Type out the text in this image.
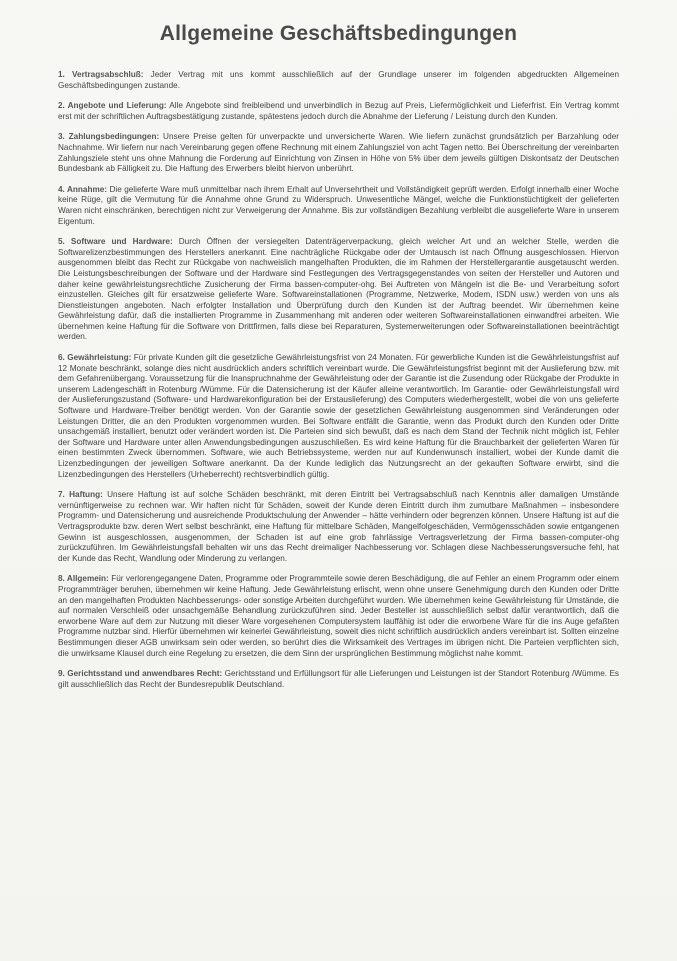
Allgemeine Geschäftsbedingungen

1. Vertragsabschluß: Jeder Vertrag mit uns kommt ausschließlich auf der Grundlage unserer im folgenden abgedruckten Allgemeinen Geschäftsbedingungen zustande.

2. Angebote und Lieferung: Alle Angebote sind freibleibend und unverbindlich in Bezug auf Preis, Liefermöglichkeit und Lieferfrist. Ein Vertrag kommt erst mit der schriftlichen Auftragsbestätigung zustande, spätestens jedoch durch die Abnahme der Lieferung / Leistung durch den Kunden.

3. Zahlungsbedingungen: Unsere Preise gelten für unverpackte und unversicherte Waren. Wie liefern zunächst grundsätzlich per Barzahlung oder Nachnahme. Wir liefern nur nach Vereinbarung gegen offene Rechnung mit einem Zahlungsziel von acht Tagen netto. Bei Überschreitung der vereinbarten Zahlungsziele steht uns ohne Mahnung die Forderung auf Einrichtung von Zinsen in Höhe von 5% über dem jeweils gültigen Diskontsatz der Deutschen Bundesbank ab Fälligkeit zu. Die Haftung des Erwerbers bleibt hiervon unberührt.

4. Annahme: Die gelieferte Ware muß unmittelbar nach ihrem Erhalt auf Unversehrtheit und Vollständigkeit geprüft werden. Erfolgt innerhalb einer Woche keine Rüge, gilt die Vermutung für die Annahme ohne Grund zu Widerspruch. Unwesentliche Mängel, welche die Funktionstüchtigkeit der gelieferten Waren nicht einschränken, berechtigen nicht zur Verweigerung der Annahme. Bis zur vollständigen Bezahlung verbleibt die ausgelieferte Ware in unserem Eigentum.

5. Software und Hardware: Durch Öffnen der versiegelten Datenträgerverpackung, gleich welcher Art und an welcher Stelle, werden die Softwarelizenzbestimmungen des Herstellers anerkannt. Eine nachträgliche Rückgabe oder der Umtausch ist nach Öffnung ausgeschlossen. Hiervon ausgenommen bleibt das Recht zur Rückgabe von nachweislich mangelhaften Produkten, die im Rahmen der Herstellergarantie ausgetauscht werden. Die Leistungsbeschreibungen der Software und der Hardware sind Festlegungen des Vertragsgegenstandes von seiten der Hersteller und Autoren und daher keine gewährleistungsrechtliche Zusicherung der Firma bassen-computer-ohg. Bei Auftreten von Mängeln ist die Be- und Verarbeitung sofort einzustellen. Gleiches gilt für ersatzweise gelieferte Ware. Softwareinstallationen (Programme, Netzwerke, Modem, ISDN usw.) werden von uns als Dienstleistungen angeboten. Nach erfolgter Installation und Überprüfung durch den Kunden ist der Auftrag beendet. Wir übernehmen keine Gewährleistung dafür, daß die installierten Programme in Zusammenhang mit anderen oder weiteren Softwareinstallationen einwandfrei arbeiten. Wie übernehmen keine Haftung für die Software von Drittfirmen, falls diese bei Reparaturen, Systemerweiterungen oder Softwareinstallationen beeinträchtigt werden.

6. Gewährleistung: Für private Kunden gilt die gesetzliche Gewährleistungsfrist von 24 Monaten. Für gewerbliche Kunden ist die Gewährleistungsfrist auf 12 Monate beschränkt, solange dies nicht ausdrücklich anders schriftlich vereinbart wurde. Die Gewährleistungsfrist beginnt mit der Auslieferung bzw. mit dem Gefahrenübergang. Voraussetzung für die Inanspruchnahme der Gewährleistung oder der Garantie ist die Zusendung oder Rückgabe der Produkte in unserem Ladengeschäft in Rotenburg /Wümme. Für die Datensicherung ist der Käufer alleine verantwortlich. Im Garantie- oder Gewährleistungsfall wird der Auslieferungszustand (Software- und Hardwarekonfiguration bei der Erstauslieferung) des Computers wiederhergestellt, wobei die von uns gelieferte Software und Hardware-Treiber benötigt werden. Von der Garantie sowie der gesetzlichen Gewährleistung ausgenommen sind Veränderungen oder Leistungen Dritter, die an den Produkten vorgenommen wurden. Bei Software entfällt die Garantie, wenn das Produkt durch den Kunden oder Dritte unsachgemäß installiert, benutzt oder verändert worden ist. Die Parteien sind sich bewußt, daß es nach dem Stand der Technik nicht möglich ist, Fehler der Software und Hardware unter allen Anwendungsbedingungen auszuschließen. Es wird keine Haftung für die Brauchbarkeit der gelieferten Waren für einen bestimmten Zweck übernommen. Software, wie auch Betriebssysteme, werden nur auf Kundenwunsch installiert, wobei der Kunde damit die Lizenzbedingungen der jeweiligen Software anerkannt. Da der Kunde lediglich das Nutzungsrecht an der gekauften Software erwirbt, sind die Lizenzbedingungen des Herstellers (Urheberrecht) rechtsverbindlich gültig.

7. Haftung: Unsere Haftung ist auf solche Schäden beschränkt, mit deren Eintritt bei Vertragsabschluß nach Kenntnis aller damaligen Umstände vernünftigerweise zu rechnen war. Wir haften nicht für Schäden, soweit der Kunde deren Eintritt durch ihm zumutbare Maßnahmen – insbesondere Programm- und Datensicherung und ausreichende Produktschulung der Anwender – hätte verhindern oder begrenzen können. Unsere Haftung ist auf die Vertragsprodukte bzw. deren Wert selbst beschränkt, eine Haftung für mittelbare Schäden, Mangelfolgeschäden, Vermögensschäden sowie entgangenen Gewinn ist ausgeschlossen, ausgenommen, der Schaden ist auf eine grob fahrlässige Vertragsverletzung der Firma bassen-computer-ohg zurückzuführen. Im Gewährleistungsfall behalten wir uns das Recht dreimaliger Nachbesserung vor. Schlagen diese Nachbesserungsversuche fehl, hat der Kunde das Recht, Wandlung oder Minderung zu verlangen.

8. Allgemein: Für verlorengegangene Daten, Programme oder Programmteile sowie deren Beschädigung, die auf Fehler an einem Programm oder einem Programmträger beruhen, übernehmen wir keine Haftung. Jede Gewährleistung erlischt, wenn ohne unsere Genehmigung durch den Kunden oder Dritte an den mangelhaften Produkten Nachbesserungs- oder sonstige Arbeiten durchgeführt wurden. Wie übernehmen keine Gewährleistung für Umstände, die auf normalen Verschleiß oder unsachgemäße Behandlung zurückzuführen sind. Jeder Besteller ist ausschließlich selbst dafür verantwortlich, daß die erworbene Ware auf dem zur Nutzung mit dieser Ware vorgesehenen Computersystem lauffähig ist oder die erworbene Ware für die ins Auge gefaßten Programme nutzbar sind. Hierfür übernehmen wir keinerlei Gewährleistung, soweit dies nicht schriftlich ausdrücklich anders vereinbart ist. Sollten einzelne Bestimmungen dieser AGB unwirksam sein oder werden, so berührt dies die Wirksamkeit des Vertrages im übrigen nicht. Die Parteien verpflichten sich, die unwirksame Klausel durch eine Regelung zu ersetzen, die dem Sinn der ursprünglichen Bestimmung möglichst nahe kommt.

9. Gerichtsstand und anwendbares Recht: Gerichtsstand und Erfüllungsort für alle Lieferungen und Leistungen ist der Standort Rotenburg /Wümme. Es gilt ausschließlich das Recht der Bundesrepublik Deutschland.
